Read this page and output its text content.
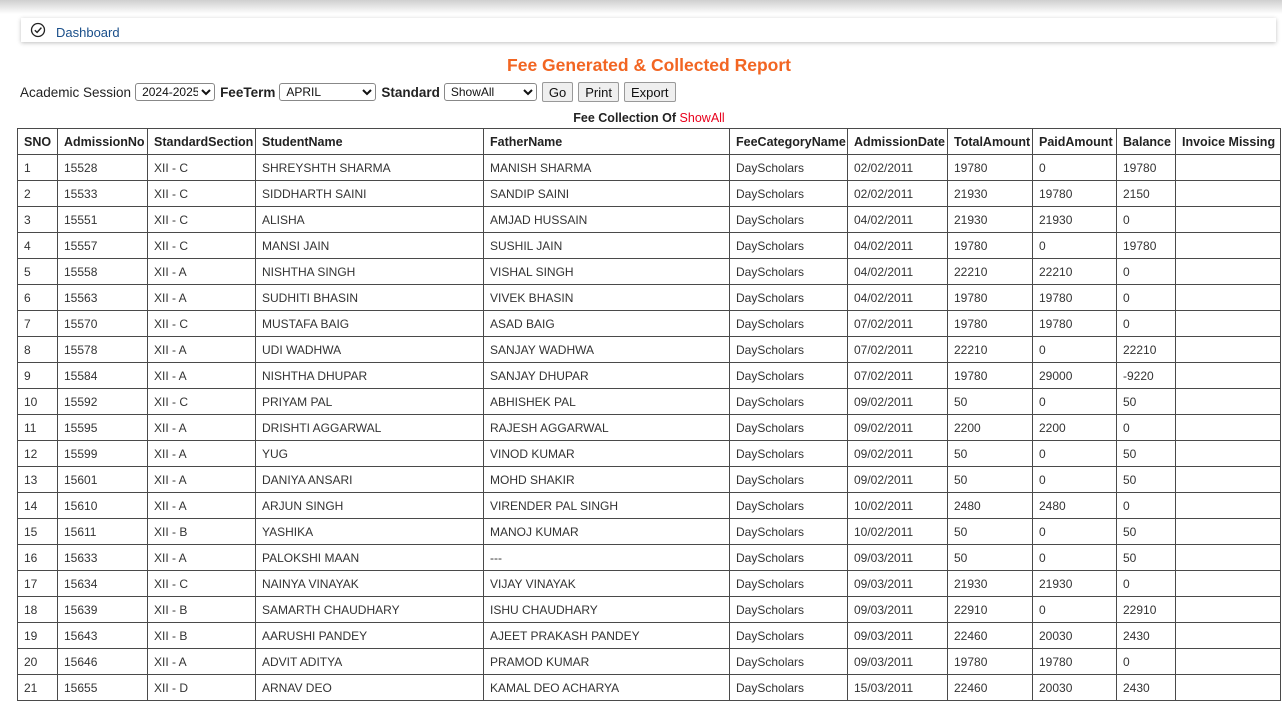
Dashboard
Fee Generated & Collected Report
Academic Session
2024-2025	FeeTerm
APRIL	Standard
ShowAll	Go	Print	Export
Fee Collection Of ShowAll
SNO	AdmissionNo	StandardSection	StudentName	FatherName	FeeCategoryName	AdmissionDate	TotalAmount	PaidAmount	Balance	Invoice Missing
1	15528	XII - C	SHREYSHTH SHARMA	MANISH SHARMA	DayScholars	02/02/2011	19780	0	19780	
2	15533	XII - C	SIDDHARTH SAINI	SANDIP SAINI	DayScholars	02/02/2011	21930	19780	2150	
3	15551	XII - C	ALISHA	AMJAD HUSSAIN	DayScholars	04/02/2011	21930	21930	0	
4	15557	XII - C	MANSI JAIN	SUSHIL JAIN	DayScholars	04/02/2011	19780	0	19780	
5	15558	XII - A	NISHTHA SINGH	VISHAL SINGH	DayScholars	04/02/2011	22210	22210	0	
6	15563	XII - A	SUDHITI BHASIN	VIVEK BHASIN	DayScholars	04/02/2011	19780	19780	0	
7	15570	XII - C	MUSTAFA BAIG	ASAD BAIG	DayScholars	07/02/2011	19780	19780	0	
8	15578	XII - A	UDI WADHWA	SANJAY WADHWA	DayScholars	07/02/2011	22210	0	22210	
9	15584	XII - A	NISHTHA DHUPAR	SANJAY DHUPAR	DayScholars	07/02/2011	19780	29000	-9220	
10	15592	XII - C	PRIYAM PAL	ABHISHEK PAL	DayScholars	09/02/2011	50	0	50	
11	15595	XII - A	DRISHTI AGGARWAL	RAJESH AGGARWAL	DayScholars	09/02/2011	2200	2200	0	
12	15599	XII - A	YUG	VINOD KUMAR	DayScholars	09/02/2011	50	0	50	
13	15601	XII - A	DANIYA ANSARI	MOHD SHAKIR	DayScholars	09/02/2011	50	0	50	
14	15610	XII - A	ARJUN SINGH	VIRENDER PAL SINGH	DayScholars	10/02/2011	2480	2480	0	
15	15611	XII - B	YASHIKA	MANOJ KUMAR	DayScholars	10/02/2011	50	0	50	
16	15633	XII - A	PALOKSHI MAAN	---	DayScholars	09/03/2011	50	0	50	
17	15634	XII - C	NAINYA VINAYAK	VIJAY VINAYAK	DayScholars	09/03/2011	21930	21930	0	
18	15639	XII - B	SAMARTH CHAUDHARY	ISHU CHAUDHARY	DayScholars	09/03/2011	22910	0	22910	
19	15643	XII - B	AARUSHI PANDEY	AJEET PRAKASH PANDEY	DayScholars	09/03/2011	22460	20030	2430	
20	15646	XII - A	ADVIT ADITYA	PRAMOD KUMAR	DayScholars	09/03/2011	19780	19780	0	
21	15655	XII - D	ARNAV DEO	KAMAL DEO ACHARYA	DayScholars	15/03/2011	22460	20030	2430	
